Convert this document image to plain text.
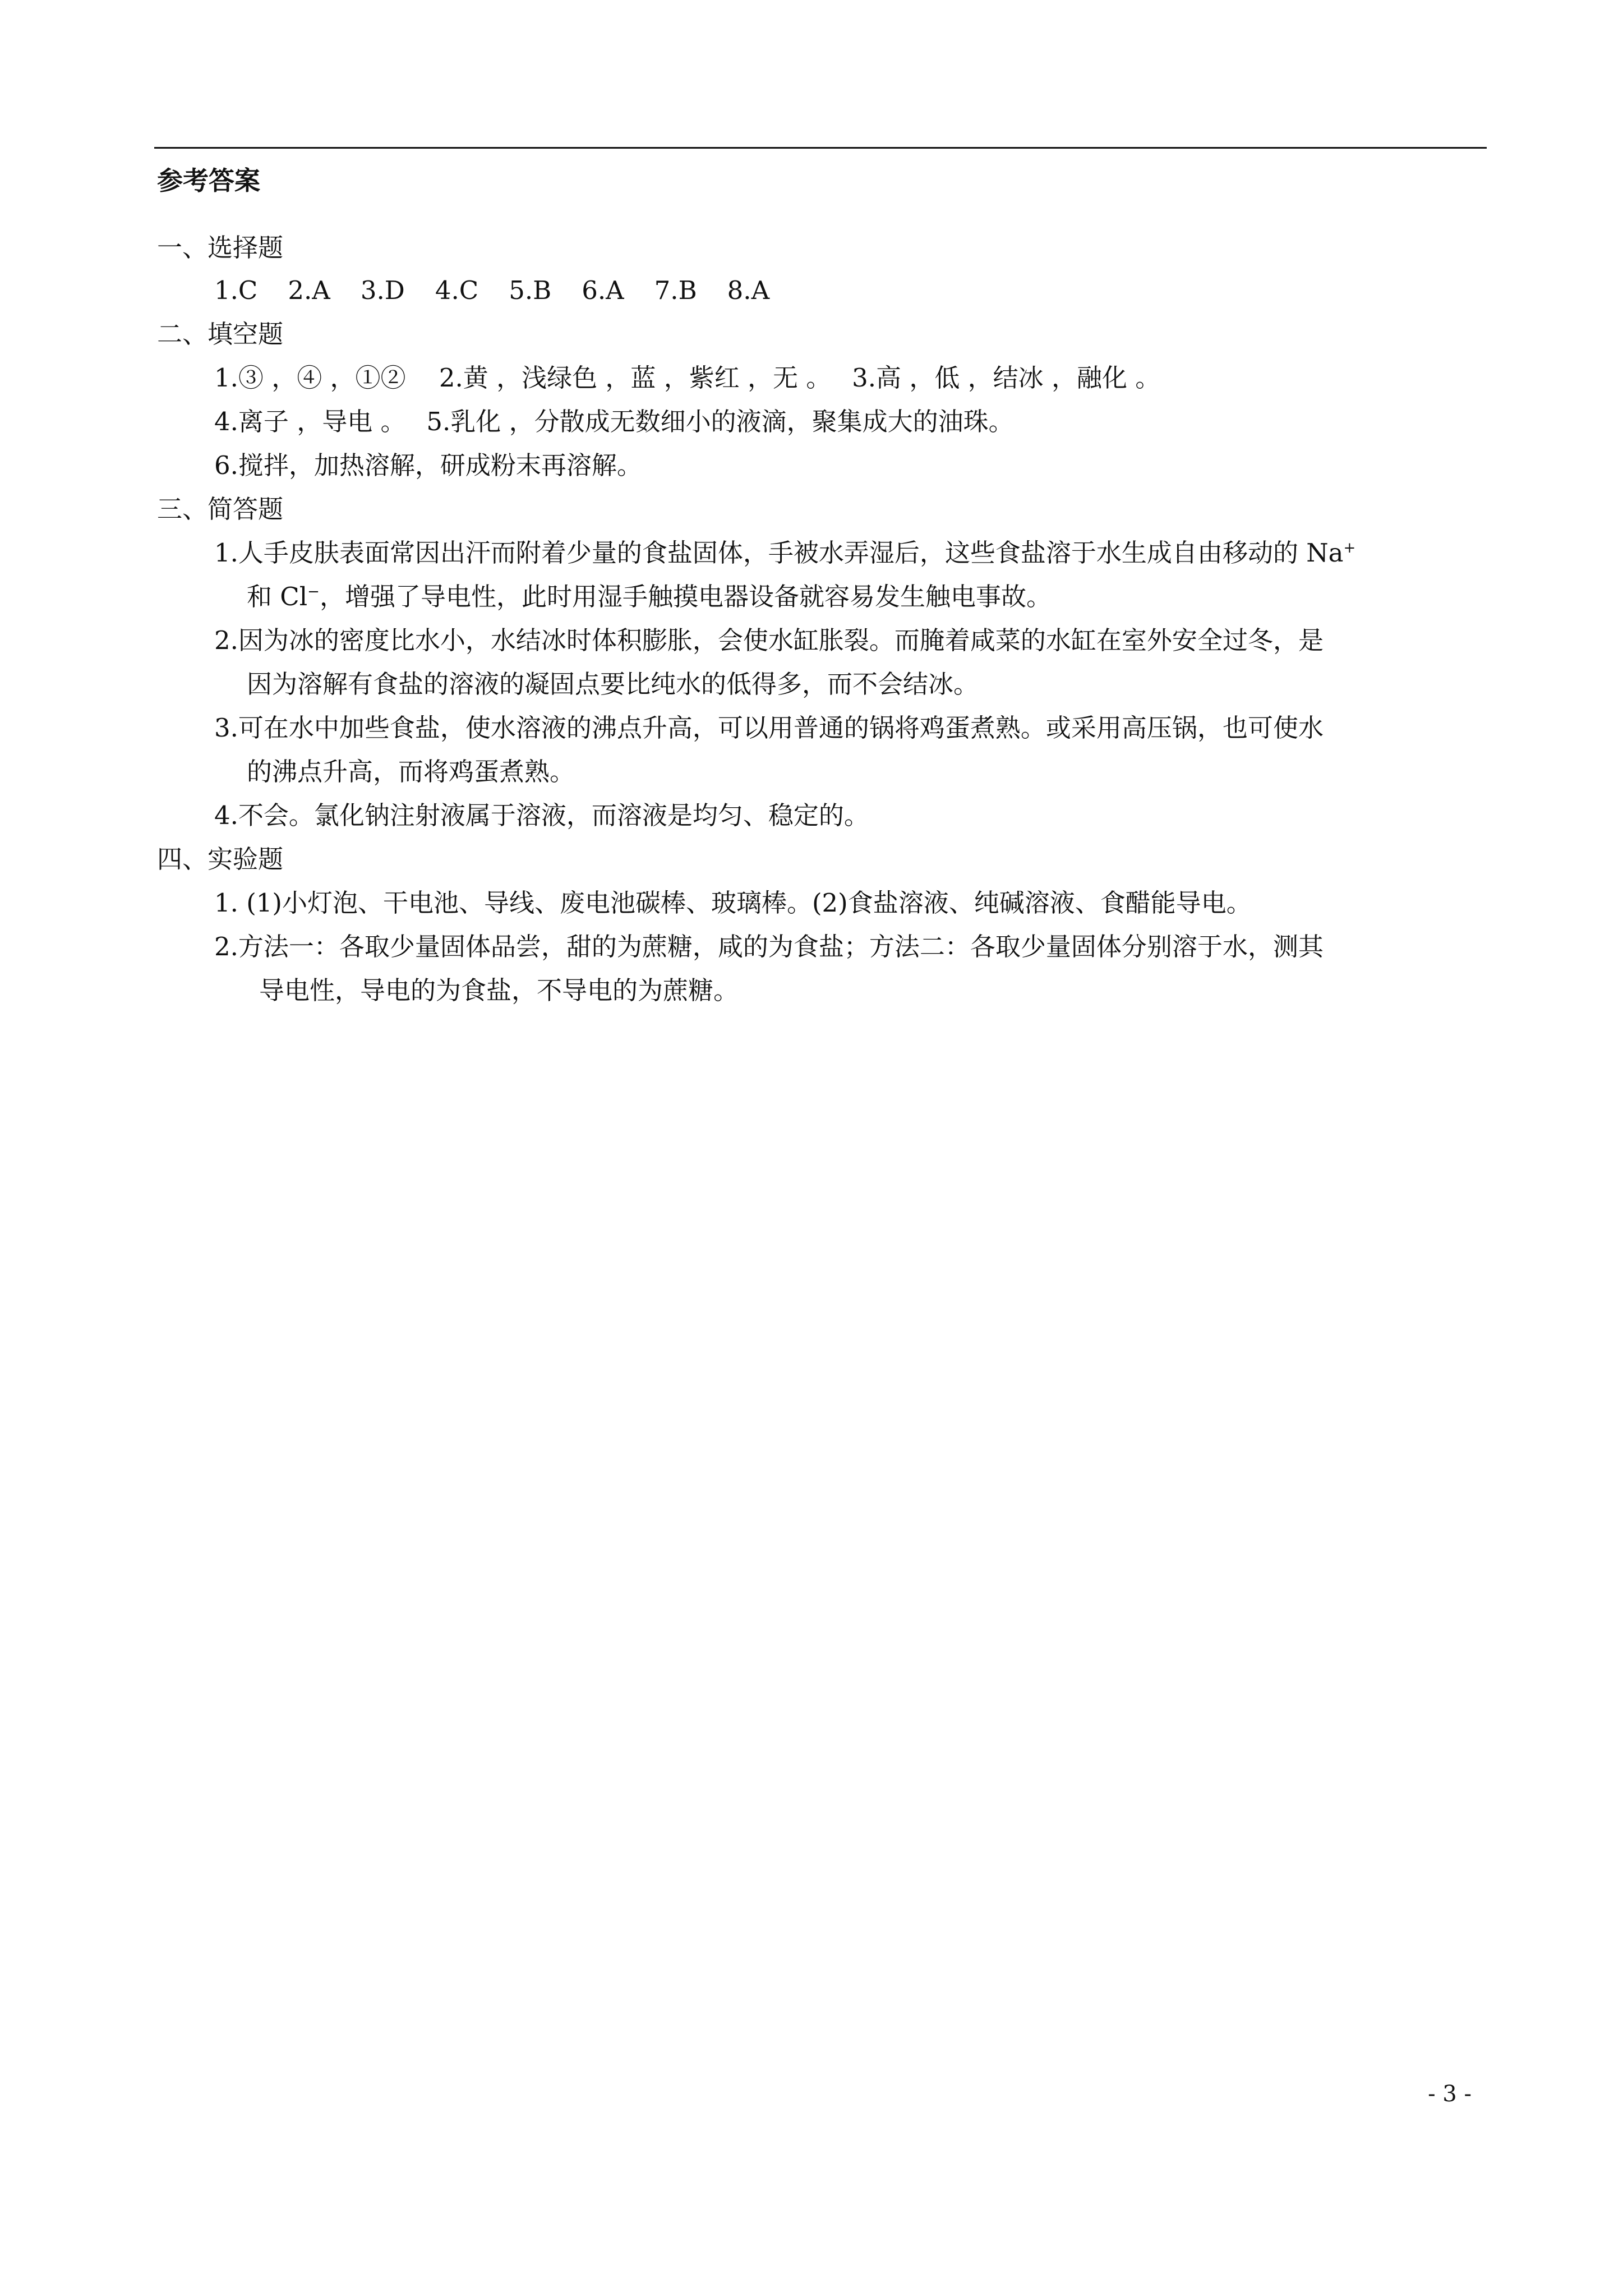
参考答案
一、选择题
1.C 2.A 3.D 4.C 5.B 6.A 7.B 8.A
二、填空题
1.③ ，④ ，①②　 2.黄 ，浅绿色 ，蓝 ，紫红 ，无 。　 3.高 ，低 ，结冰 ，融化 。
4.离子 ，导电 。　 5.乳化 ，分散成无数细小的液滴，聚集成大的油珠。
6.搅拌，加热溶解，研成粉末再溶解。
三、简答题
1.人手皮肤表面常因出汗而附着少量的食盐固体，手被水弄湿后，这些食盐溶于水生成自由移动的 Na+
和 Cl−，增强了导电性，此时用湿手触摸电器设备就容易发生触电事故。
2.因为冰的密度比水小，水结冰时体积膨胀，会使水缸胀裂。而腌着咸菜的水缸在室外安全过冬，是
因为溶解有食盐的溶液的凝固点要比纯水的低得多，而不会结冰。
3.可在水中加些食盐，使水溶液的沸点升高，可以用普通的锅将鸡蛋煮熟。或采用高压锅，也可使水
的沸点升高，而将鸡蛋煮熟。
4.不会。氯化钠注射液属于溶液，而溶液是均匀、稳定的。
四、实验题
1. (1)小灯泡、干电池、导线、废电池碳棒、玻璃棒。(2)食盐溶液、纯碱溶液、食醋能导电。
2.方法一：各取少量固体品尝，甜的为蔗糖，咸的为食盐；方法二：各取少量固体分别溶于水，测其
导电性，导电的为食盐，不导电的为蔗糖。
- 3 -
